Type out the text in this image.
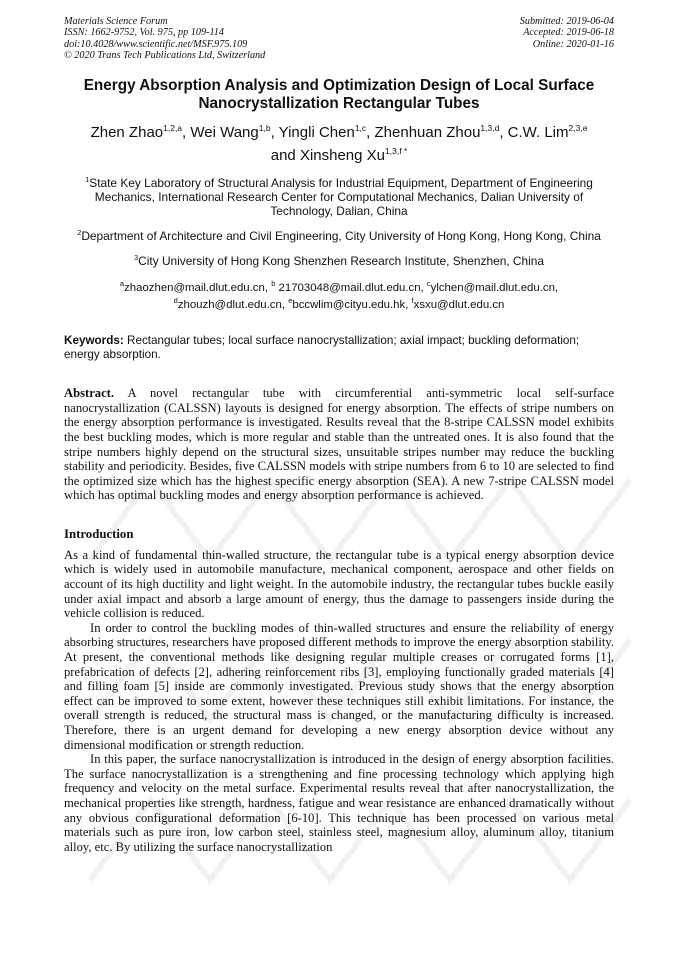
Materials Science Forum
ISSN: 1662-9752, Vol. 975, pp 109-114
doi:10.4028/www.scientific.net/MSF.975.109
© 2020 Trans Tech Publications Ltd, Switzerland
Submitted: 2019-06-04
Accepted: 2019-06-18
Online: 2020-01-16
Energy Absorption Analysis and Optimization Design of Local Surface Nanocrystallization Rectangular Tubes
Zhen Zhao$^{1,2,a}$, Wei Wang$^{1,b}$, Yingli Chen$^{1,c}$, Zhenhuan Zhou$^{1,3,d}$, C.W. Lim$^{2,3,e}$
and Xinsheng $Xu^{1,3,f *}$
$^1$State Key Laboratory of Structural Analysis for Industrial Equipment, Department of Engineering Mechanics, International Research Center for Computational Mechanics, Dalian University of Technology, Dalian, China
$^2$Department of Architecture and Civil Engineering, City University of Hong Kong, Hong Kong, China
$^3$City University of Hong Kong Shenzhen Research Institute, Shenzhen, China
$^a$zhaozhen@mail.dlut.edu.cn, $^b$ 21703048@mail.dlut.edu.cn, $^c$ylchen@mail.dlut.edu.cn,
$^d$zhouzh@dlut.edu.cn, $^e$bccwlim@cityu.edu.hk, $^f$xsxu@dlut.edu.cn
Keywords: Rectangular tubes; local surface nanocrystallization; axial impact; buckling deformation; energy absorption.
Abstract. A novel rectangular tube with circumferential anti-symmetric local self-surface nanocrystallization (CALSSN) layouts is designed for energy absorption. The effects of stripe numbers on the energy absorption performance is investigated. Results reveal that the 8-stripe CALSSN model exhibits the best buckling modes, which is more regular and stable than the untreated ones. It is also found that the stripe numbers highly depend on the structural sizes, unsuitable stripes number may reduce the buckling stability and periodicity. Besides, five CALSSN models with stripe numbers from 6 to 10 are selected to find the optimized size which has the highest specific energy absorption (SEA). A new 7-stripe CALSSN model which has optimal buckling modes and energy absorption performance is achieved.
Introduction
As a kind of fundamental thin-walled structure, the rectangular tube is a typical energy absorption device which is widely used in automobile manufacture, mechanical component, aerospace and other fields on account of its high ductility and light weight. In the automobile industry, the rectangular tubes buckle easily under axial impact and absorb a large amount of energy, thus the damage to passengers inside during the vehicle collision is reduced.
In order to control the buckling modes of thin-walled structures and ensure the reliability of energy absorbing structures, researchers have proposed different methods to improve the energy absorption stability. At present, the conventional methods like designing regular multiple creases or corrugated forms [1], prefabrication of defects [2], adhering reinforcement ribs [3], employing functionally graded materials [4] and filling foam [5] inside are commonly investigated. Previous study shows that the energy absorption effect can be improved to some extent, however these techniques still exhibit limitations. For instance, the overall strength is reduced, the structural mass is changed, or the manufacturing difficulty is increased. Therefore, there is an urgent demand for developing a new energy absorption device without any dimensional modification or strength reduction.
In this paper, the surface nanocrystallization is introduced in the design of energy absorption facilities. The surface nanocrystallization is a strengthening and fine processing technology which applying high frequency and velocity on the metal surface. Experimental results reveal that after nanocrystallization, the mechanical properties like strength, hardness, fatigue and wear resistance are enhanced dramatically without any obvious configurational deformation [6-10]. This technique has been processed on various metal materials such as pure iron, low carbon steel, stainless steel, magnesium alloy, aluminum alloy, titanium alloy, etc. By utilizing the surface nanocrystallization
